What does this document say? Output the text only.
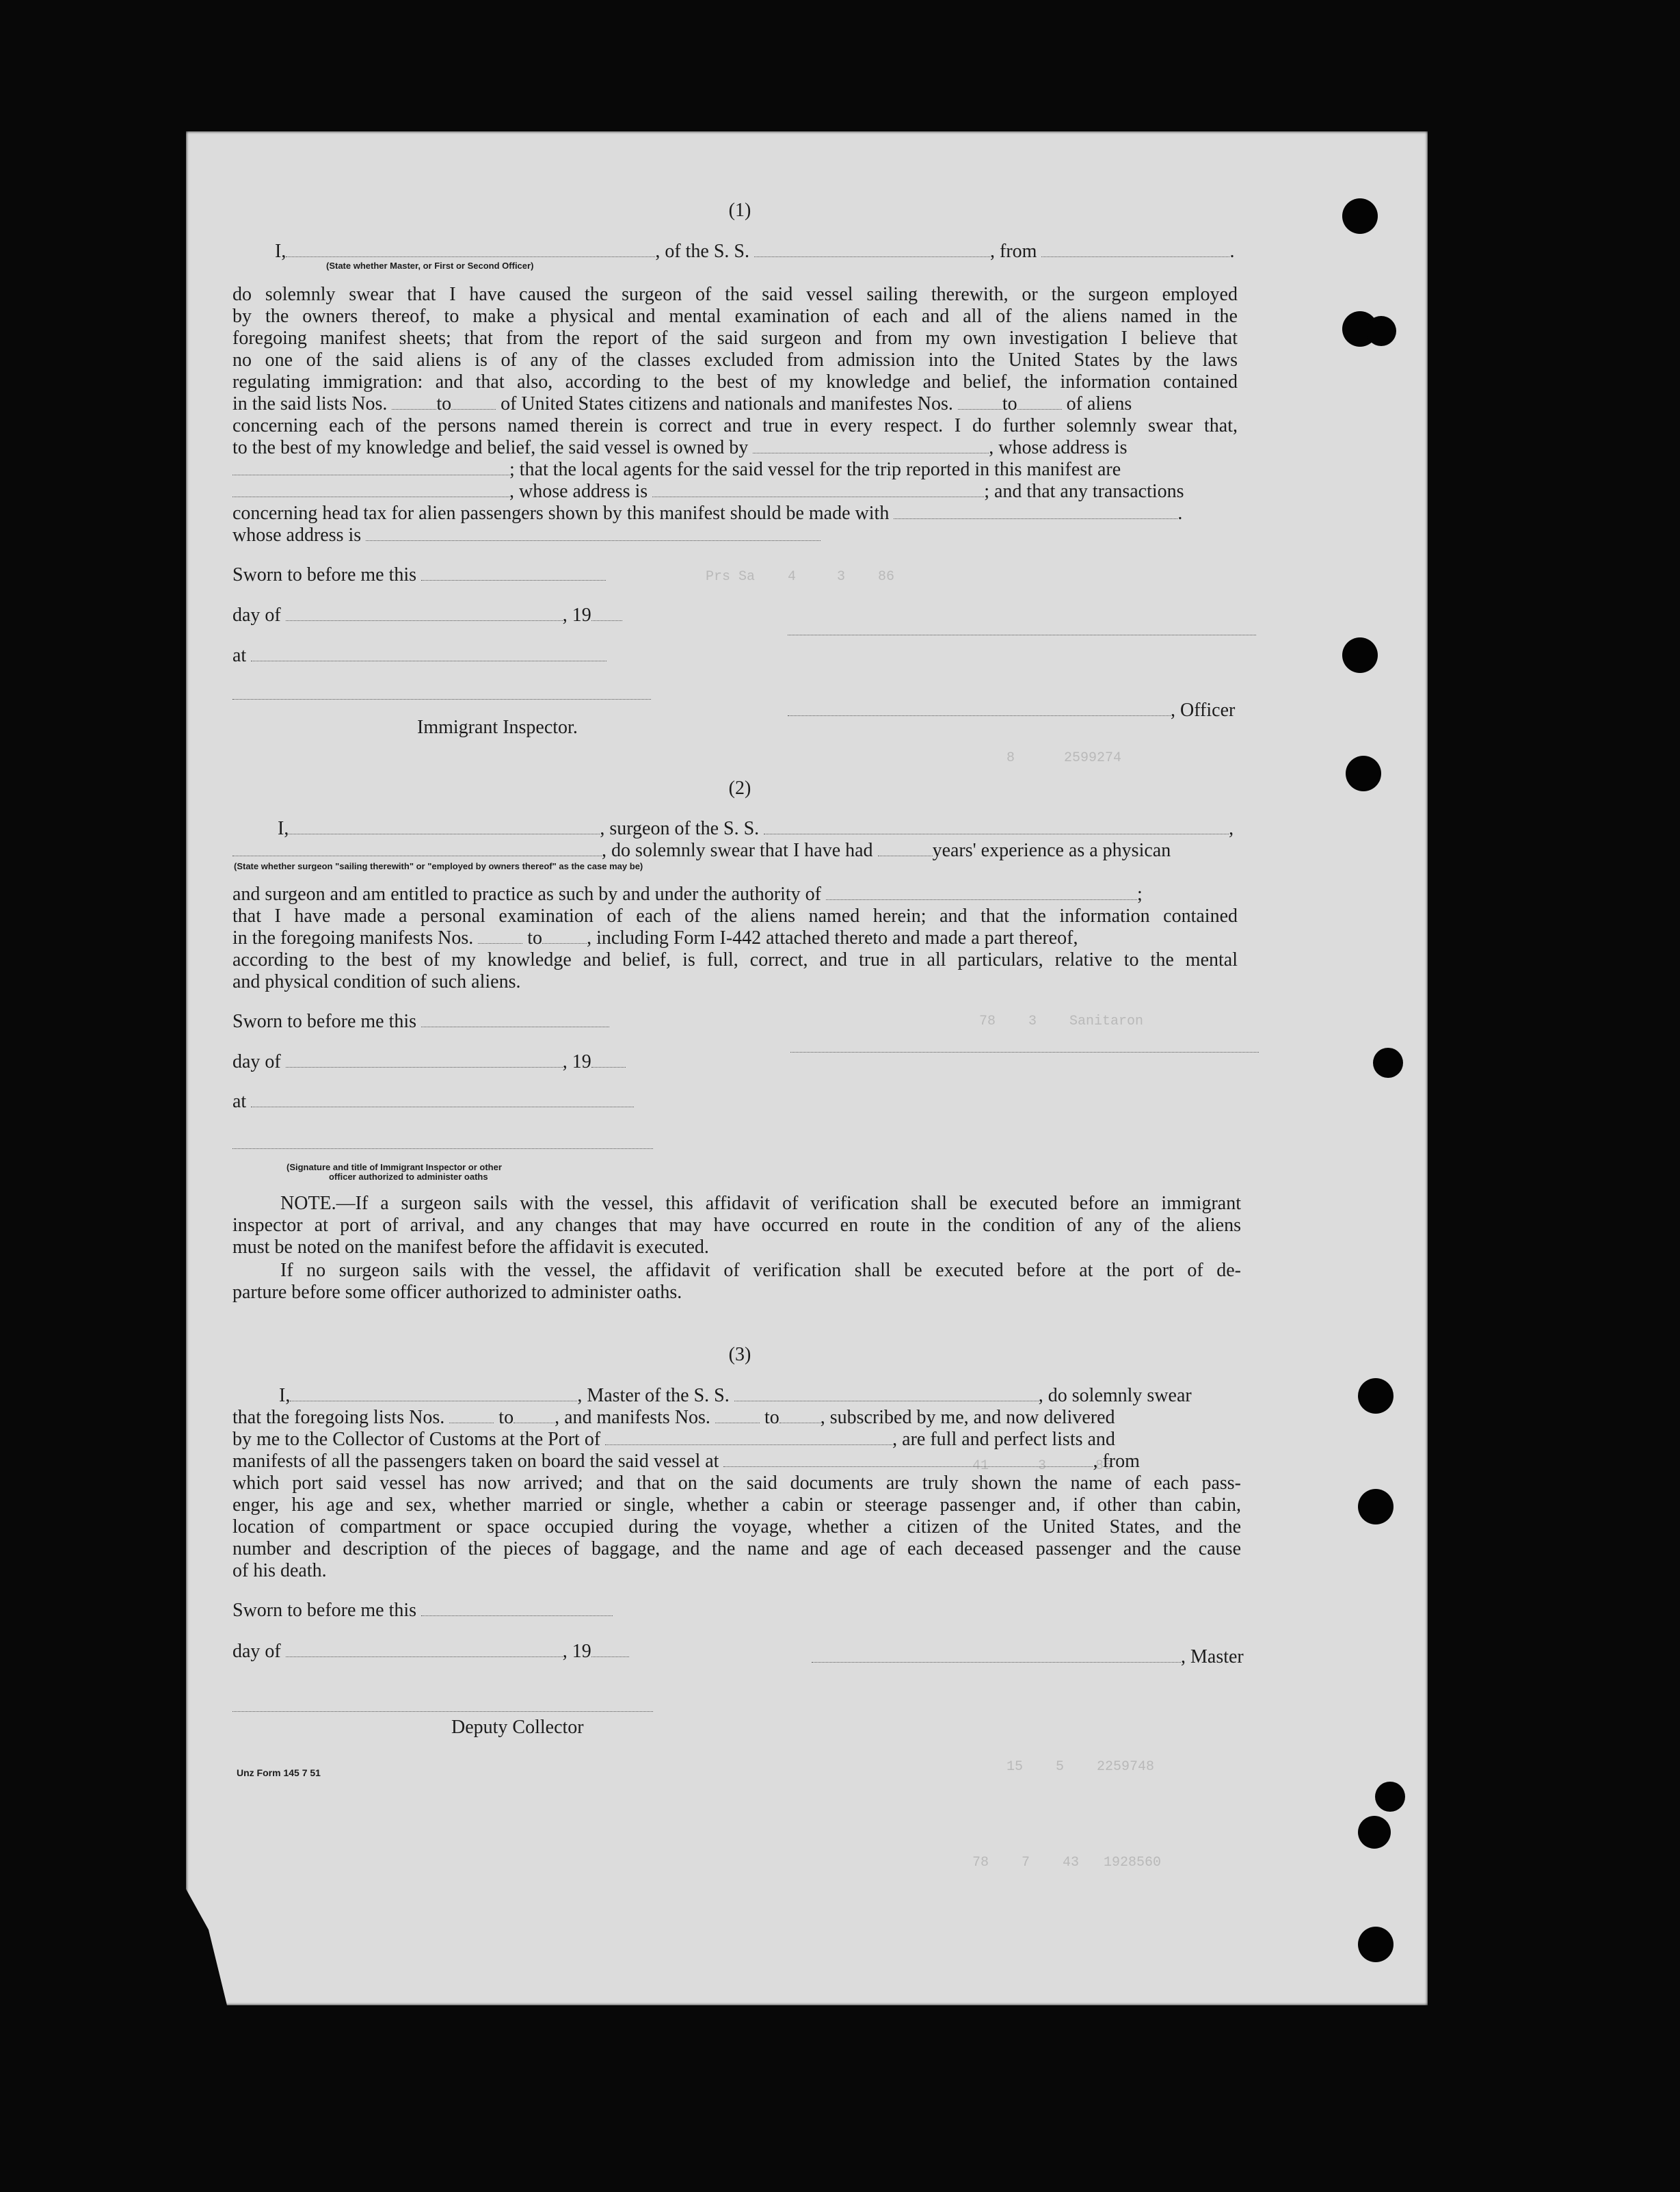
Prs Sa    4     3    86
8      2599274
78    3    Sanitaron
41      3      86
15    5    2259748
78    7    43   1928560
(1)
I,	, of the S. S.	, from	.
(State whether Master, or First or Second Officer)
do solemnly swear that I have caused the surgeon of the said vessel sailing therewith, or the surgeon employed
by the owners thereof, to make a physical and mental examination of each and all of the aliens named in the
foregoing manifest sheets; that from the report of the said surgeon and from my own investigation I believe that
no one of the said aliens is of any of the classes excluded from admission into the United States by the laws
regulating immigration: and that also, according to the best of my knowledge and belief, the information contained
in the said lists Nos.	to	of United States citizens and nationals and manifestes Nos.	to	of aliens
concerning each of the persons named therein is correct and true in every respect. I do further solemnly swear that,
to the best of my knowledge and belief, the said vessel is owned by	, whose address is
; that the local agents for the said vessel for the trip reported in this manifest are
, whose address is	; and that any transactions
concerning head tax for alien passengers shown by this manifest should be made with	.
whose address is
Sworn to before me this
day of	, 19
at
, Officer
Immigrant Inspector.
(2)
I,	, surgeon of the S. S.	,
, do solemnly swear that I have had	years' experience as a physican
(State whether surgeon "sailing therewith" or "employed by owners thereof" as the case may be)
and surgeon and am entitled to practice as such by and under the authority of	;
that I have made a personal examination of each of the aliens named herein; and that the information contained
in the foregoing manifests Nos.	to , including Form I-442 attached thereto and made a part thereof,
according to the best of my knowledge and belief, is full, correct, and true in all particulars, relative to the mental
and physical condition of such aliens.
Sworn to before me this
day of	, 19
at
(Signature and title of Immigrant Inspector or other
officer authorized to administer oaths
NOTE.—If a surgeon sails with the vessel, this affidavit of verification shall be executed before an immigrant
inspector at port of arrival, and any changes that may have occurred en route in the condition of any of the aliens
must be noted on the manifest before the affidavit is executed.
If no surgeon sails with the vessel, the affidavit of verification shall be executed before at the port of de-
parture before some officer authorized to administer oaths.
(3)
I,	, Master of the S. S.	, do solemnly swear
that the foregoing lists Nos.	to , and manifests Nos.	to , subscribed by me, and now delivered
by me to the Collector of Customs at the Port of	, are full and perfect lists and
manifests of all the passengers taken on board the said vessel at	, from
which port said vessel has now arrived; and that on the said documents are truly shown the name of each pass-
enger, his age and sex, whether married or single, whether a cabin or steerage passenger and, if other than cabin,
location of compartment or space occupied during the voyage, whether a citizen of the United States, and the
number and description of the pieces of baggage, and the name and age of each deceased passenger and the cause
of his death.
Sworn to before me this
day of	, 19	, Master
Deputy Collector
Unz Form 145 7 51
